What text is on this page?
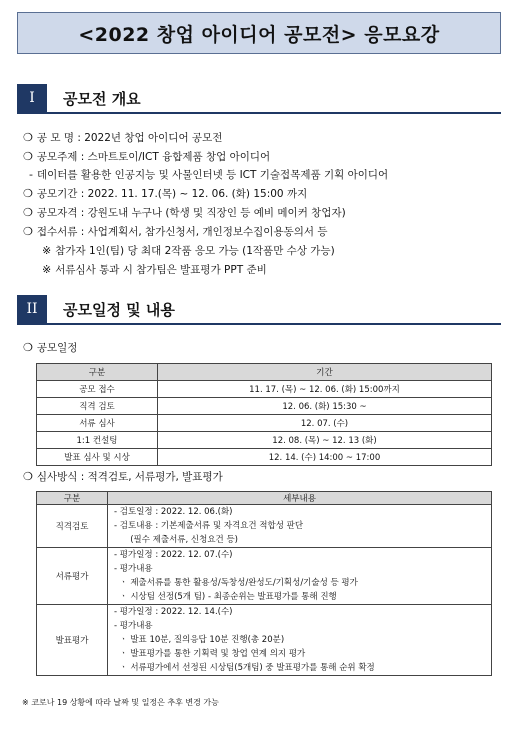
<2022 창업 아이디어 공모전> 응모요강
I	공모전 개요
❍ 공 모 명 : 2022년 창업 아이디어 공모전
❍ 공모주제 : 스마트토이/ICT 융합제품 창업 아이디어
- 데이터를 활용한 인공지능 및 사물인터넷 등 ICT 기술접목제품 기획 아이디어
❍ 공모기간 : 2022. 11. 17.(목) ~ 12. 06. (화) 15:00 까지
❍ 공모자격 : 강원도내 누구나 (학생 및 직장인 등 예비 메이커 창업자)
❍ 접수서류 : 사업계획서, 참가신청서, 개인정보수집이용동의서 등
※ 참가자 1인(팀) 당 최대 2작품 응모 가능 (1작품만 수상 가능)
※ 서류심사 통과 시 참가팀은 발표평가 PPT 준비
II	공모일정 및 내용
❍ 공모일정
구분	기간
공모 접수	11. 17. (목) ~ 12. 06. (화) 15:00까지
직격 검토	12. 06. (화) 15:30 ~
서류 심사	12. 07. (수)
1:1 컨설팅	12. 08. (목) ~ 12. 13 (화)
발표 심사 및 시상	12. 14. (수) 14:00 ~ 17:00
❍ 심사방식 : 적격검토, 서류평가, 발표평가
구분	세부내용
직격검토	- 검토일정 : 2022. 12. 06.(화)
- 검토내용 : 기본제출서류 및 자격요건 적합성 판단
(필수 제출서류, 신청요건 등)

서류평가	- 평가일정 : 2022. 12. 07.(수)
- 평가내용
ㆍ 제출서류를 통한 활용성/독창성/완성도/기획성/기술성 등 평가
ㆍ 시상팀 선정(5개 팀) - 최종순위는 발표평가를 통해 진행

발표평가	- 평가일정 : 2022. 12. 14.(수)
- 평가내용
ㆍ 발표 10분, 질의응답 10분 진행(총 20분)
ㆍ 발표평가를 통한 기획력 및 창업 연계 의지 평가
ㆍ 서류평가에서 선정된 시상팀(5개팀) 중 발표평가를 통해 순위 확정
※ 코로나 19 상황에 따라 날짜 및 일정은 추후 변경 가능
